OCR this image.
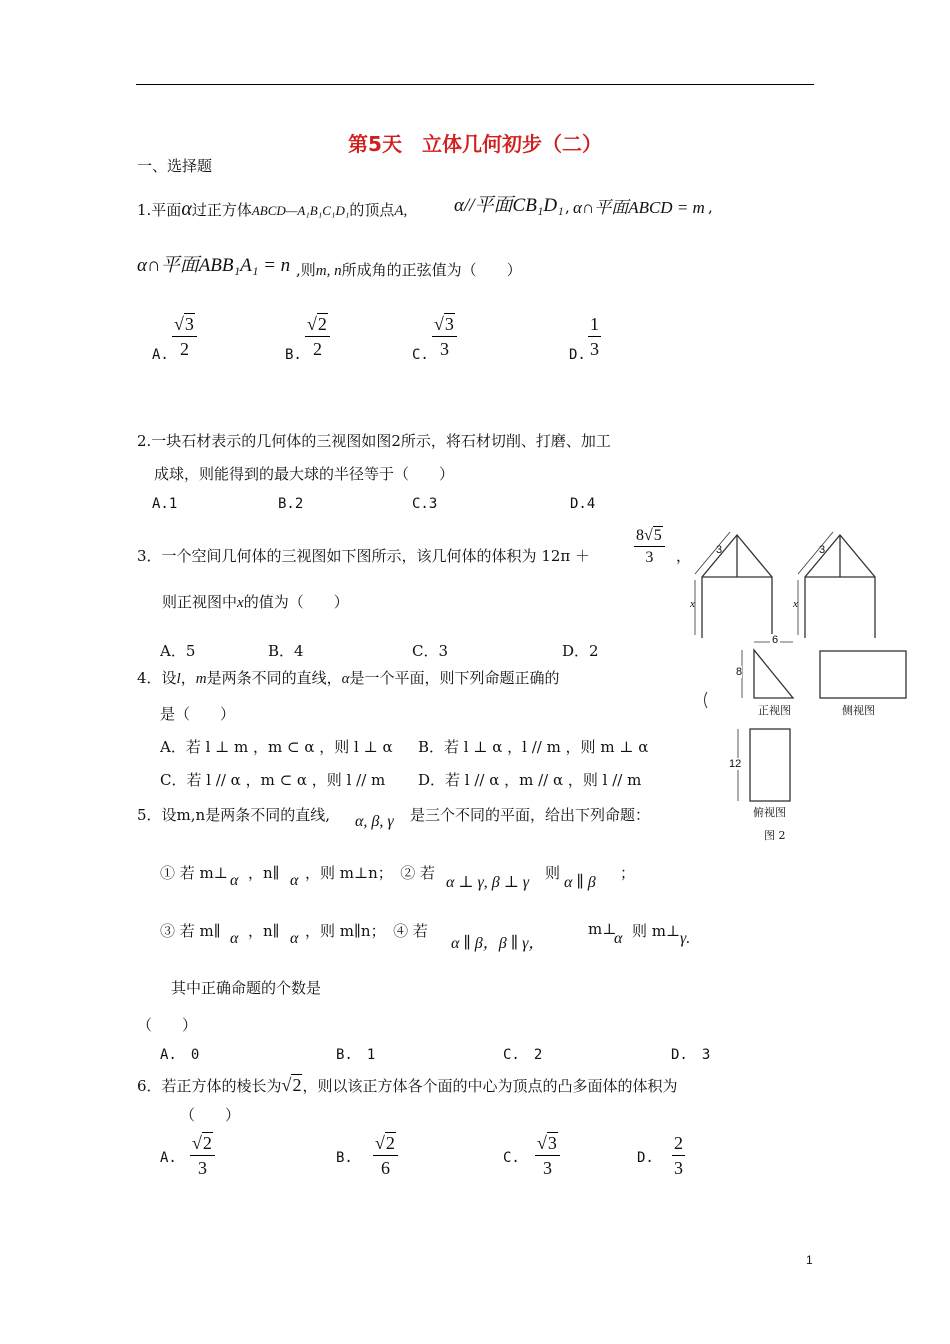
第5天　立体几何初步（二）
一、选择题
1.平面α过正方体ABCD—A₁B₁C₁D₁的顶点A, α//平面CB₁D₁ , α∩平面ABCD = m ,
α∩平面ABB₁A₁ = n ,则m, n所成角的正弦值为（　　）
A.
√3
2	B.
√2
2	C.
√3
3	D.
1
3
2.一块石材表示的几何体的三视图如图2所示，将石材切削、打磨、加工
成球，则能得到的最大球的半径等于（　　）
A.1	B.2	C.3	D.4
3．一个空间几何体的三视图如下图所示，该几何体的体积为 12π ＋
8√5
3 ，
则正视图中x的值为（　　）
A．5	B．4	C．3	D．2
4．设l，m是两条不同的直线，α是一个平面，则下列命题正确的
是（　　）
A．若 l ⊥ m ，m ⊂ α ，则 l ⊥ α B．若 l ⊥ α ，l // m ，则 m ⊥ α
C．若 l // α ，m ⊂ α ，则 l // m D．若 l // α ，m // α ，则 l // m
5．设m,n是两条不同的直线, α, β, γ 是三个不同的平面，给出下列命题：
① 若 m⊥ α ，n∥ α ，则 m⊥n；　② 若
α ⊥ γ, β ⊥ γ
则
α ∥ β
；
③ 若 m∥ α ，n∥ α ，则 m∥n；　④ 若
α ∥ β，β ∥ γ，
m⊥
α 则 m⊥ γ.
其中正确命题的个数是
（　　）
A.　0	B.　1	C.　2	D.　3
6．若正方体的棱长为√2，则以该正方体各个面的中心为顶点的凸多面体的体积为
（　　）
A.
√2
3	B.
√2
6	C.
√3
3	D.
2
3
3
x
3
x
6
8
正视图	侧视图
12
俯视图
图 2
1
